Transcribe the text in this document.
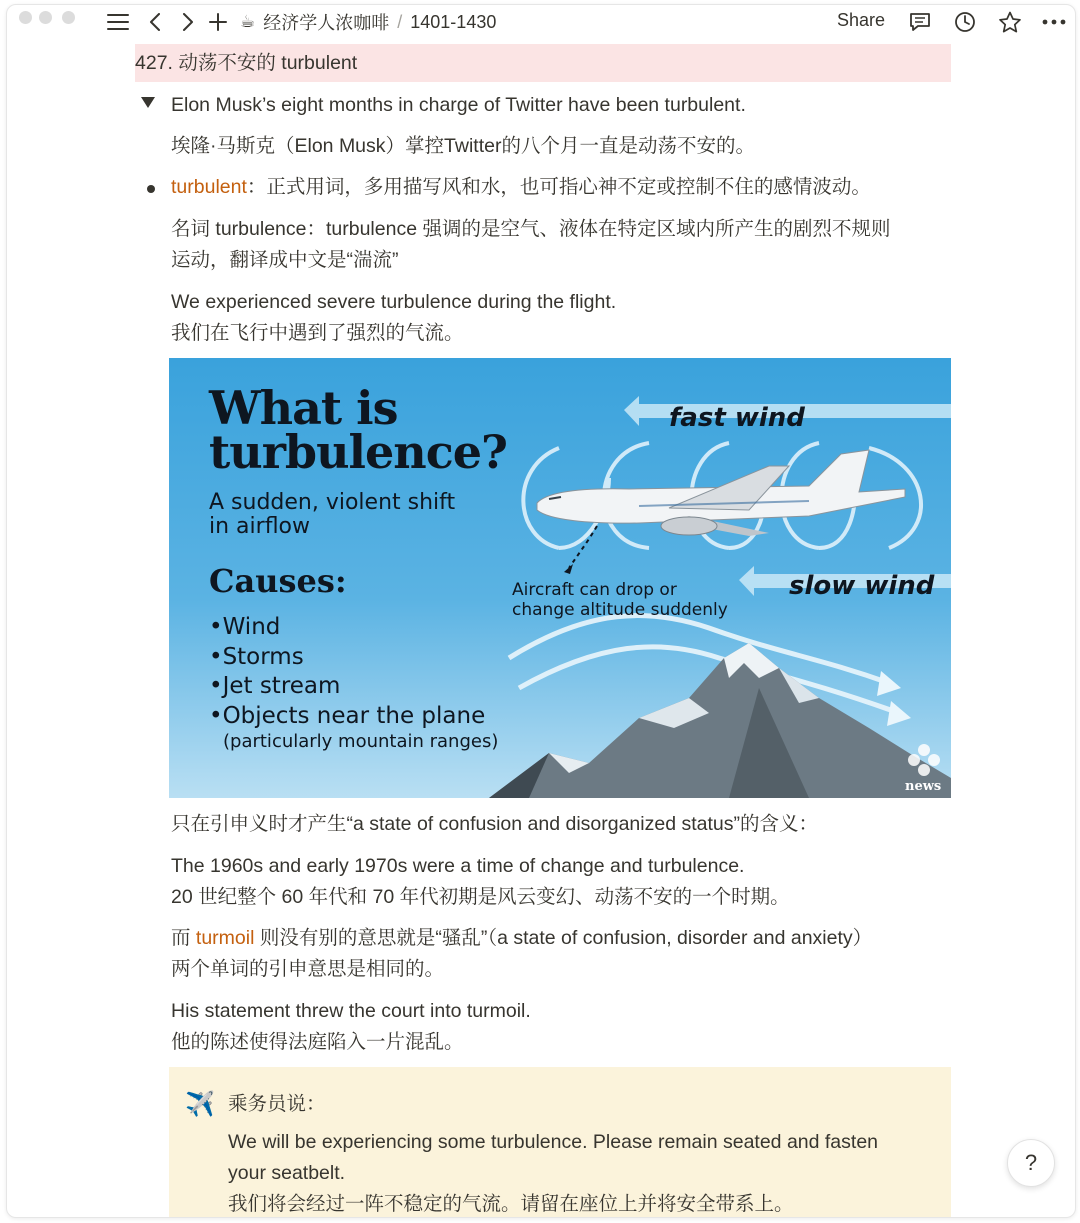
☕ 经济学人浓咖啡 / 1401-1430	Share
427. 动荡不安的 turbulent
Elon Musk’s eight months in charge of Twitter have been turbulent.
埃隆·马斯克（Elon Musk）掌控Twitter的八个月一直是动荡不安的。
turbulent：正式用词，多用描写风和水，也可指心神不定或控制不住的感情波动。
名词 turbulence：turbulence 强调的是空气、液体在特定区域内所产生的剧烈不规则
运动，翻译成中文是“湍流”
We experienced severe turbulence during the flight.
我们在飞行中遇到了强烈的气流。
What is
turbulence?
A sudden, violent shift
in airflow
Causes:
•Wind
•Storms
•Jet stream
•Objects near the plane
(particularly mountain ranges)
fast wind
slow wind
Aircraft can drop or
change altitude suddenly
news
只在引申义时才产生“a state of confusion and disorganized status”的含义：
The 1960s and early 1970s were a time of change and turbulence.
20 世纪整个 60 年代和 70 年代初期是风云变幻、动荡不安的一个时期。
而 turmoil 则没有别的意思就是“骚乱”（a state of confusion, disorder and anxiety）
两个单词的引申意思是相同的。
His statement threw the court into turmoil.
他的陈述使得法庭陷入一片混乱。
✈️ 乘务员说：
We will be experiencing some turbulence. Please remain seated and fasten
your seatbelt.
我们将会经过一阵不稳定的气流。请留在座位上并将安全带系上。
?
